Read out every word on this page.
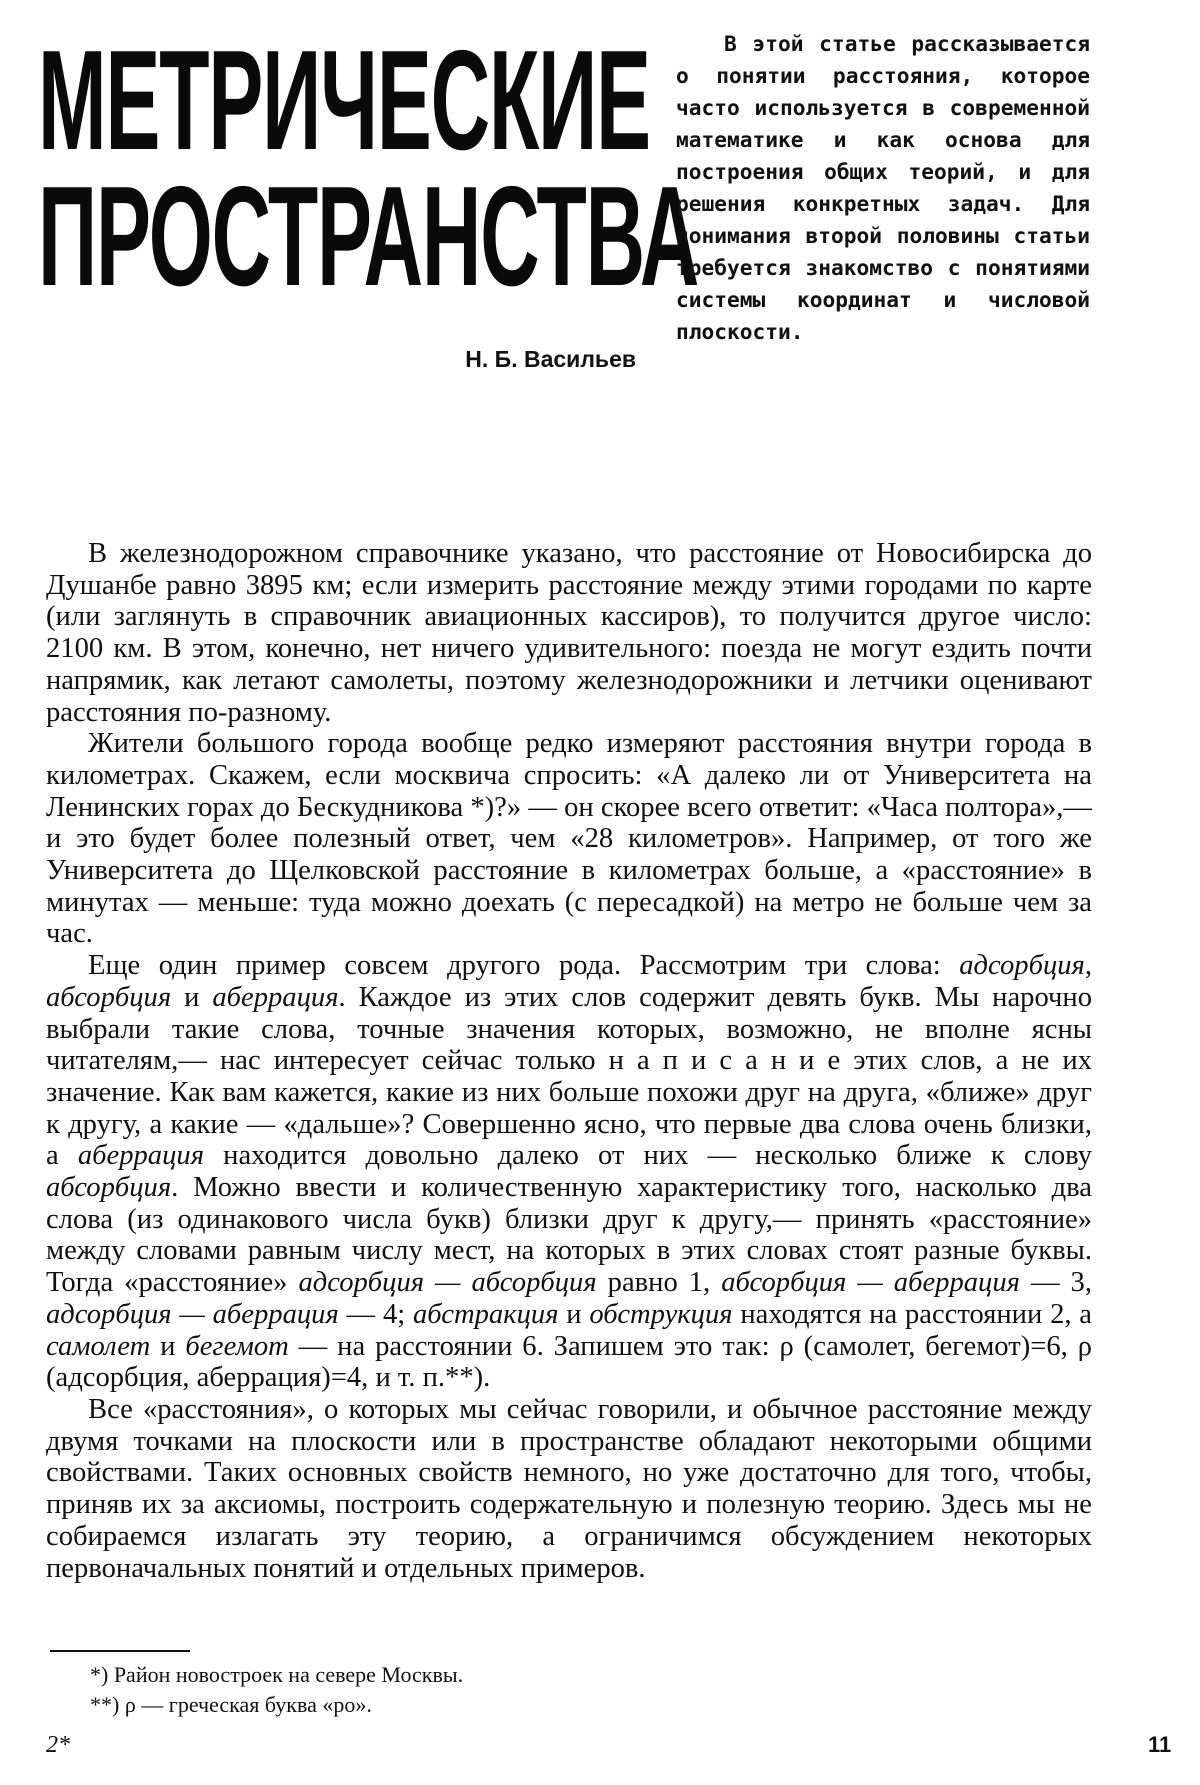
МЕТРИЧЕСКИЕ
ПРОСТРАНСТВА
Н. Б. Васильев
В этой статье рассказывается о понятии расстояния, которое часто используется в современной математике и как основа для построения общих теорий, и для решения конкретных задач. Для понимания второй половины статьи требуется знакомство с понятиями системы координат и числовой плоскости.

В железнодорожном справочнике указано, что расстояние от Новосибирска до Душанбе равно 3895 км; если измерить расстояние между этими городами по карте (или заглянуть в справочник авиационных кассиров), то получится другое число: 2100 км. В этом, конечно, нет ничего удивительного: поезда не могут ездить почти напрямик, как летают самолеты, поэтому железнодорожники и летчики оценивают расстояния по-разному.

Жители большого города вообще редко измеряют расстояния внутри города в километрах. Скажем, если москвича спросить: «А далеко ли от Университета на Ленинских горах до Бескудникова *)?» — он скорее всего ответит: «Часа полтора»,— и это будет более полезный ответ, чем «28 километров». Например, от того же Университета до Щелковской расстояние в километрах больше, а «расстояние» в минутах — меньше: туда можно доехать (с пересадкой) на метро не больше чем за час.

Еще один пример совсем другого рода. Рассмотрим три слова: адсорбция, абсорбция и аберрация. Каждое из этих слов содержит девять букв. Мы нарочно выбрали такие слова, точные значения которых, возможно, не вполне ясны читателям,— нас интересует сейчас только н а п и с а н и е этих слов, а не их значение. Как вам кажется, какие из них больше похожи друг на друга, «ближе» друг к другу, а какие — «дальше»? Совершенно ясно, что первые два слова очень близки, а аберрация находится довольно далеко от них — несколько ближе к слову абсорбция. Можно ввести и количественную характеристику того, насколько два слова (из одинакового числа букв) близки друг к другу,— принять «расстояние» между словами равным числу мест, на которых в этих словах стоят разные буквы. Тогда «расстояние» адсорбция — абсорбция равно 1, абсорбция — аберрация — 3, адсорбция — аберрация — 4; абстракция и обструкция находятся на расстоянии 2, а самолет и бегемот — на расстоянии 6. Запишем это так: ρ (самолет, бегемот)=6, ρ (адсорбция, аберрация)=4, и т. п.**).

Все «расстояния», о которых мы сейчас говорили, и обычное расстояние между двумя точками на плоскости или в пространстве обладают некоторыми общими свойствами. Таких основных свойств немного, но уже достаточно для того, чтобы, приняв их за аксиомы, построить содержательную и полезную теорию. Здесь мы не собираемся излагать эту теорию, а ограничимся обсуждением некоторых первоначальных понятий и отдельных примеров.

*) Район новостроек на севере Москвы.
**) ρ — греческая буква «ро».
2*	11
